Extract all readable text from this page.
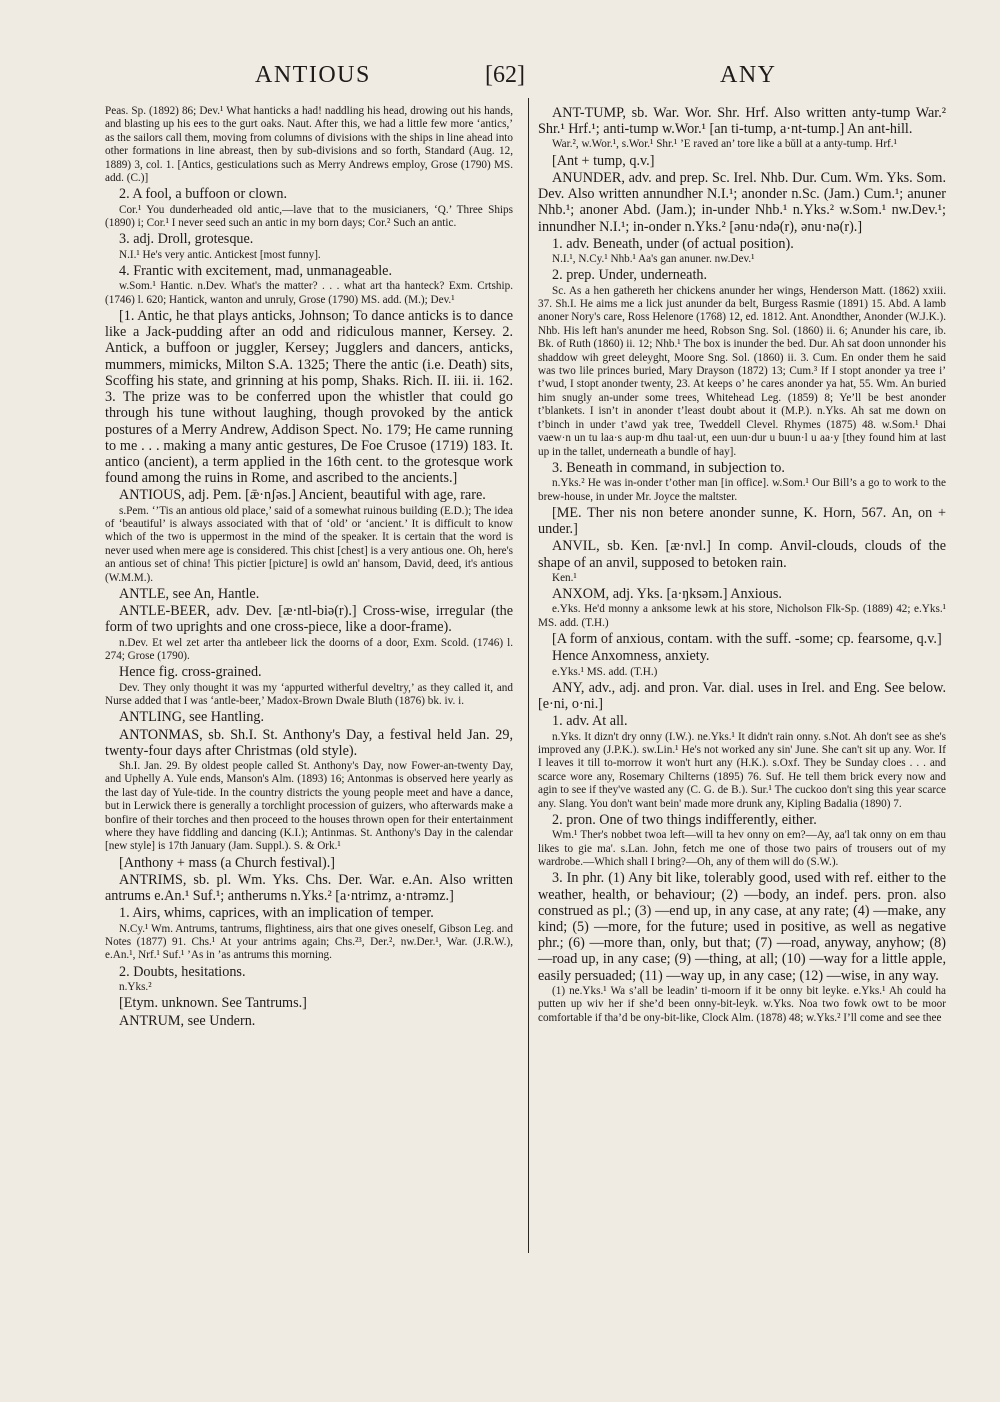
ANTIOUS	[62]	ANY

Peas. Sp. (1892) 86; Dev.¹ What hanticks a had! naddling his head, drowing out his hands, and blasting up his ees to the gurt oaks. Naut. After this, we had a little few more ‘antics,’ as the sailors call them, moving from columns of divisions with the ships in line ahead into other formations in line abreast, then by sub-divisions and so forth, Standard (Aug. 12, 1889) 3, col. 1. [Antics, gesticulations such as Merry Andrews employ, Grose (1790) MS. add. (C.)]

2. A fool, a buffoon or clown.

Cor.¹ You dunderheaded old antic,—lave that to the musicianers, ‘Q.’ Three Ships (1890) i; Cor.¹ I never seed such an antic in my born days; Cor.² Such an antic.

3. adj. Droll, grotesque.

N.I.¹ He's very antic. Antickest [most funny].

4. Frantic with excitement, mad, unmanageable.

w.Som.¹ Hantic. n.Dev. What's the matter? . . . what art tha hanteck? Exm. Crtship. (1746) l. 620; Hantick, wanton and unruly, Grose (1790) MS. add. (M.); Dev.¹

[1. Antic, he that plays anticks, Johnson; To dance anticks is to dance like a Jack-pudding after an odd and ridiculous manner, Kersey. 2. Antick, a buffoon or juggler, Kersey; Jugglers and dancers, anticks, mummers, mimicks, Milton S.A. 1325; There the antic (i.e. Death) sits, Scoffing his state, and grinning at his pomp, Shaks. Rich. II. iii. ii. 162. 3. The prize was to be conferred upon the whistler that could go through his tune without laughing, though provoked by the antick postures of a Merry Andrew, Addison Spect. No. 179; He came running to me . . . making a many antic gestures, De Foe Crusoe (1719) 183. It. antico (ancient), a term applied in the 16th cent. to the grotesque work found among the ruins in Rome, and ascribed to the ancients.]

ANTIOUS, adj. Pem. [ǣ·nʃəs.] Ancient, beautiful with age, rare.

s.Pem. ‘’Tis an antious old place,’ said of a somewhat ruinous building (E.D.); The idea of ‘beautiful’ is always associated with that of ‘old’ or ‘ancient.’ It is difficult to know which of the two is uppermost in the mind of the speaker. It is certain that the word is never used when mere age is considered. This chist [chest] is a very antious one. Oh, here's an antious set of china! This pictier [picture] is owld an' hansom, David, deed, it's antious (W.M.M.).

ANTLE, see An, Hantle.

ANTLE-BEER, adv. Dev. [æ·ntl-biə(r).] Cross-wise, irregular (the form of two uprights and one cross-piece, like a door-frame).

n.Dev. Et wel zet arter tha antlebeer lick the doorns of a door, Exm. Scold. (1746) l. 274; Grose (1790).

Hence fig. cross-grained.

Dev. They only thought it was my ‘appurted witherful develtry,’ as they called it, and Nurse added that I was ‘antle-beer,’ Madox-Brown Dwale Bluth (1876) bk. iv. i.

ANTLING, see Hantling.

ANTONMAS, sb. Sh.I. St. Anthony's Day, a festival held Jan. 29, twenty-four days after Christmas (old style).

Sh.I. Jan. 29. By oldest people called St. Anthony's Day, now Fower-an-twenty Day, and Uphelly A. Yule ends, Manson's Alm. (1893) 16; Antonmas is observed here yearly as the last day of Yule-tide. In the country districts the young people meet and have a dance, but in Lerwick there is generally a torchlight procession of guizers, who afterwards make a bonfire of their torches and then proceed to the houses thrown open for their entertainment where they have fiddling and dancing (K.I.); Antinmas. St. Anthony's Day in the calendar [new style] is 17th January (Jam. Suppl.). S. & Ork.¹

[Anthony + mass (a Church festival).]

ANTRIMS, sb. pl. Wm. Yks. Chs. Der. War. e.An. Also written antrums e.An.¹ Suf.¹; antherums n.Yks.² [a·ntrimz, a·ntrəmz.]

1. Airs, whims, caprices, with an implication of temper.

N.Cy.¹ Wm. Antrums, tantrums, flightiness, airs that one gives oneself, Gibson Leg. and Notes (1877) 91. Chs.¹ At your antrims again; Chs.²³, Der.², nw.Der.¹, War. (J.R.W.), e.An.¹, Nrf.¹ Suf.¹ ’As in ’as antrums this morning.

2. Doubts, hesitations.

n.Yks.²

[Etym. unknown. See Tantrums.]

ANTRUM, see Undern.

ANT-TUMP, sb. War. Wor. Shr. Hrf. Also written anty-tump War.² Shr.¹ Hrf.¹; anti-tump w.Wor.¹ [an ti-tump, a·nt-tump.] An ant-hill.

War.², w.Wor.¹, s.Wor.¹ Shr.¹ ’E raved an’ tore like a bŭll at a anty-tump. Hrf.¹

[Ant + tump, q.v.]

ANUNDER, adv. and prep. Sc. Irel. Nhb. Dur. Cum. Wm. Yks. Som. Dev. Also written annundher N.I.¹; anonder n.Sc. (Jam.) Cum.¹; anuner Nhb.¹; anoner Abd. (Jam.); in-under Nhb.¹ n.Yks.² w.Som.¹ nw.Dev.¹; innundher N.I.¹; in-onder n.Yks.² [ənu·ndə(r), ənu·nə(r).]

1. adv. Beneath, under (of actual position).

N.I.¹, N.Cy.¹ Nhb.¹ Aa's gan anuner. nw.Dev.¹

2. prep. Under, underneath.

Sc. As a hen gathereth her chickens anunder her wings, Henderson Matt. (1862) xxiii. 37. Sh.I. He aims me a lick just anunder da belt, Burgess Rasmie (1891) 15. Abd. A lamb anoner Nory's care, Ross Helenore (1768) 12, ed. 1812. Ant. Anondther, Anonder (W.J.K.). Nhb. His left han's anunder me heed, Robson Sng. Sol. (1860) ii. 6; Anunder his care, ib. Bk. of Ruth (1860) ii. 12; Nhb.¹ The box is inunder the bed. Dur. Ah sat doon unnonder his shaddow wih greet deleyght, Moore Sng. Sol. (1860) ii. 3. Cum. En onder them he said was two lile princes buried, Mary Drayson (1872) 13; Cum.³ If I stopt anonder ya tree i’ t’wud, I stopt anonder twenty, 23. At keeps o’ he cares anonder ya hat, 55. Wm. An buried him snugly an-under some trees, Whitehead Leg. (1859) 8; Ye’ll be best anonder t’blankets. I isn’t in anonder t’least doubt about it (M.P.). n.Yks. Ah sat me down on t’binch in under t’awd yak tree, Tweddell Clevel. Rhymes (1875) 48. w.Som.¹ Dhai vaew·n un tu laa·s aup·m dhu taal·ut, een uun·dur u buun·l u aa·y [they found him at last up in the tallet, underneath a bundle of hay].

3. Beneath in command, in subjection to.

n.Yks.² He was in-onder t’other man [in office]. w.Som.¹ Our Bill’s a go to work to the brew-house, in under Mr. Joyce the maltster.

[ME. Ther nis non betere anonder sunne, K. Horn, 567. An, on + under.]

ANVIL, sb. Ken. [æ·nvl.] In comp. Anvil-clouds, clouds of the shape of an anvil, supposed to betoken rain.

Ken.¹

ANXOM, adj. Yks. [a·ŋksəm.] Anxious.

e.Yks. He'd monny a anksome lewk at his store, Nicholson Flk-Sp. (1889) 42; e.Yks.¹ MS. add. (T.H.)

[A form of anxious, contam. with the suff. -some; cp. fearsome, q.v.]

Hence Anxomness, anxiety.

e.Yks.¹ MS. add. (T.H.)

ANY, adv., adj. and pron. Var. dial. uses in Irel. and Eng. See below. [e·ni, o·ni.]

1. adv. At all.

n.Yks. It dizn't dry onny (I.W.). ne.Yks.¹ It didn't rain onny. s.Not. Ah don't see as she's improved any (J.P.K.). sw.Lin.¹ He's not worked any sin' June. She can't sit up any. Wor. If I leaves it till to-morrow it won't hurt any (H.K.). s.Oxf. They be Sunday cloes . . . and scarce wore any, Rosemary Chilterns (1895) 76. Suf. He tell them brick every now and agin to see if they've wasted any (C. G. de B.). Sur.¹ The cuckoo don't sing this year scarce any. Slang. You don't want bein' made more drunk any, Kipling Badalia (1890) 7.

2. pron. One of two things indifferently, either.

Wm.¹ Ther's nobbet twoa left—will ta hev onny on em?—Ay, aa'l tak onny on em thau likes to gie ma'. s.Lan. John, fetch me one of those two pairs of trousers out of my wardrobe.—Which shall I bring?—Oh, any of them will do (S.W.).

3. In phr. (1) Any bit like, tolerably good, used with ref. either to the weather, health, or behaviour; (2) —body, an indef. pers. pron. also construed as pl.; (3) —end up, in any case, at any rate; (4) —make, any kind; (5) —more, for the future; used in positive, as well as negative phr.; (6) —more than, only, but that; (7) —road, anyway, anyhow; (8) —road up, in any case; (9) —thing, at all; (10) —way for a little apple, easily persuaded; (11) —way up, in any case; (12) —wise, in any way.

(1) ne.Yks.¹ Wa s’all be leadin’ ti-moorn if it be onny bit leyke. e.Yks.¹ Ah could ha putten up wiv her if she’d been onny-bit-leyk. w.Yks. Noa two fowk owt to be moor comfortable if tha’d be ony-bit-like, Clock Alm. (1878) 48; w.Yks.² I’ll come and see thee
